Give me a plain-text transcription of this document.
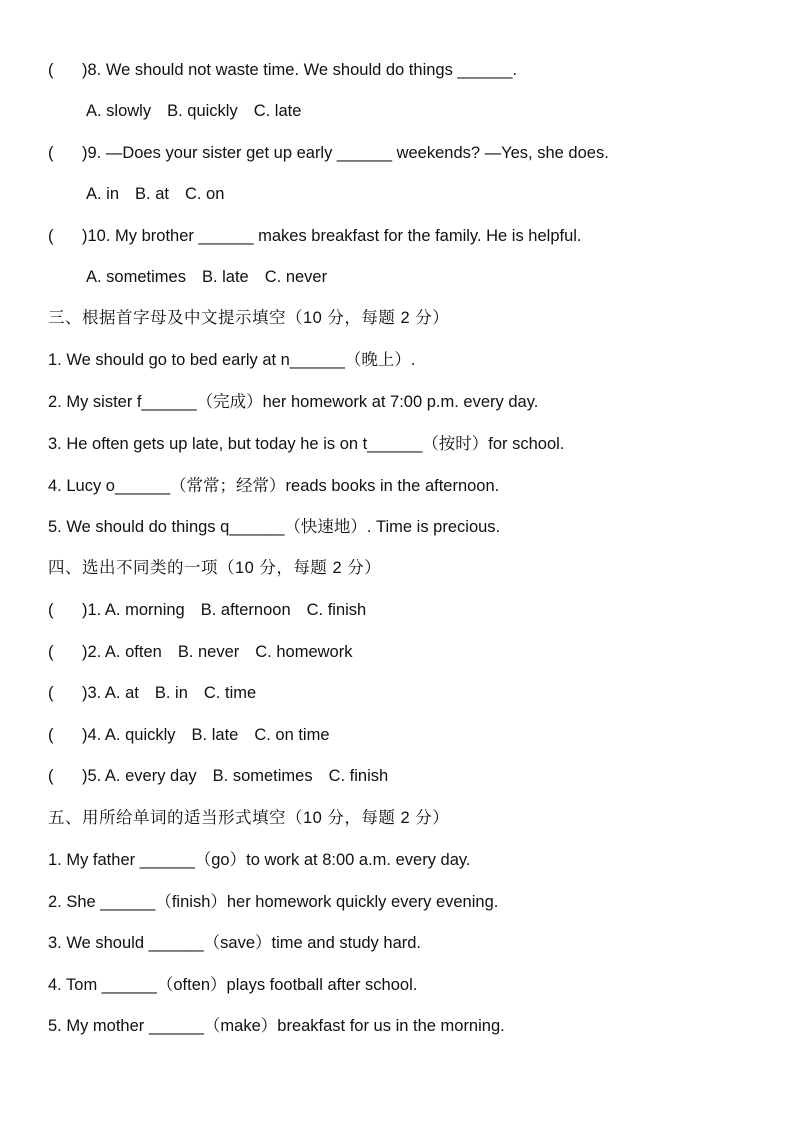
(	)8. We should not waste time. We should do things ______.
A. slowly B. quickly C. late
(	)9. —Does your sister get up early ______ weekends? —Yes, she does.
A. in B. at C. on
(	)10. My brother ______ makes breakfast for the family. He is helpful.
A. sometimes B. late C. never
三、根据首字母及中文提示填空（10 分，每题 2 分）
1. We should go to bed early at n______（晚上）.
2. My sister f______（完成）her homework at 7:00 p.m. every day.
3. He often gets up late, but today he is on t______（按时）for school.
4. Lucy o______（常常；经常）reads books in the afternoon.
5. We should do things q______（快速地）. Time is precious.
四、选出不同类的一项（10 分，每题 2 分）
(	)1. A. morning B. afternoon C. finish
(	)2. A. often B. never C. homework
(	)3. A. at B. in C. time
(	)4. A. quickly B. late C. on time
(	)5. A. every day B. sometimes C. finish
五、用所给单词的适当形式填空（10 分，每题 2 分）
1. My father ______（go）to work at 8:00 a.m. every day.
2. She ______（finish）her homework quickly every evening.
3. We should ______（save）time and study hard.
4. Tom ______（often）plays football after school.
5. My mother ______（make）breakfast for us in the morning.
